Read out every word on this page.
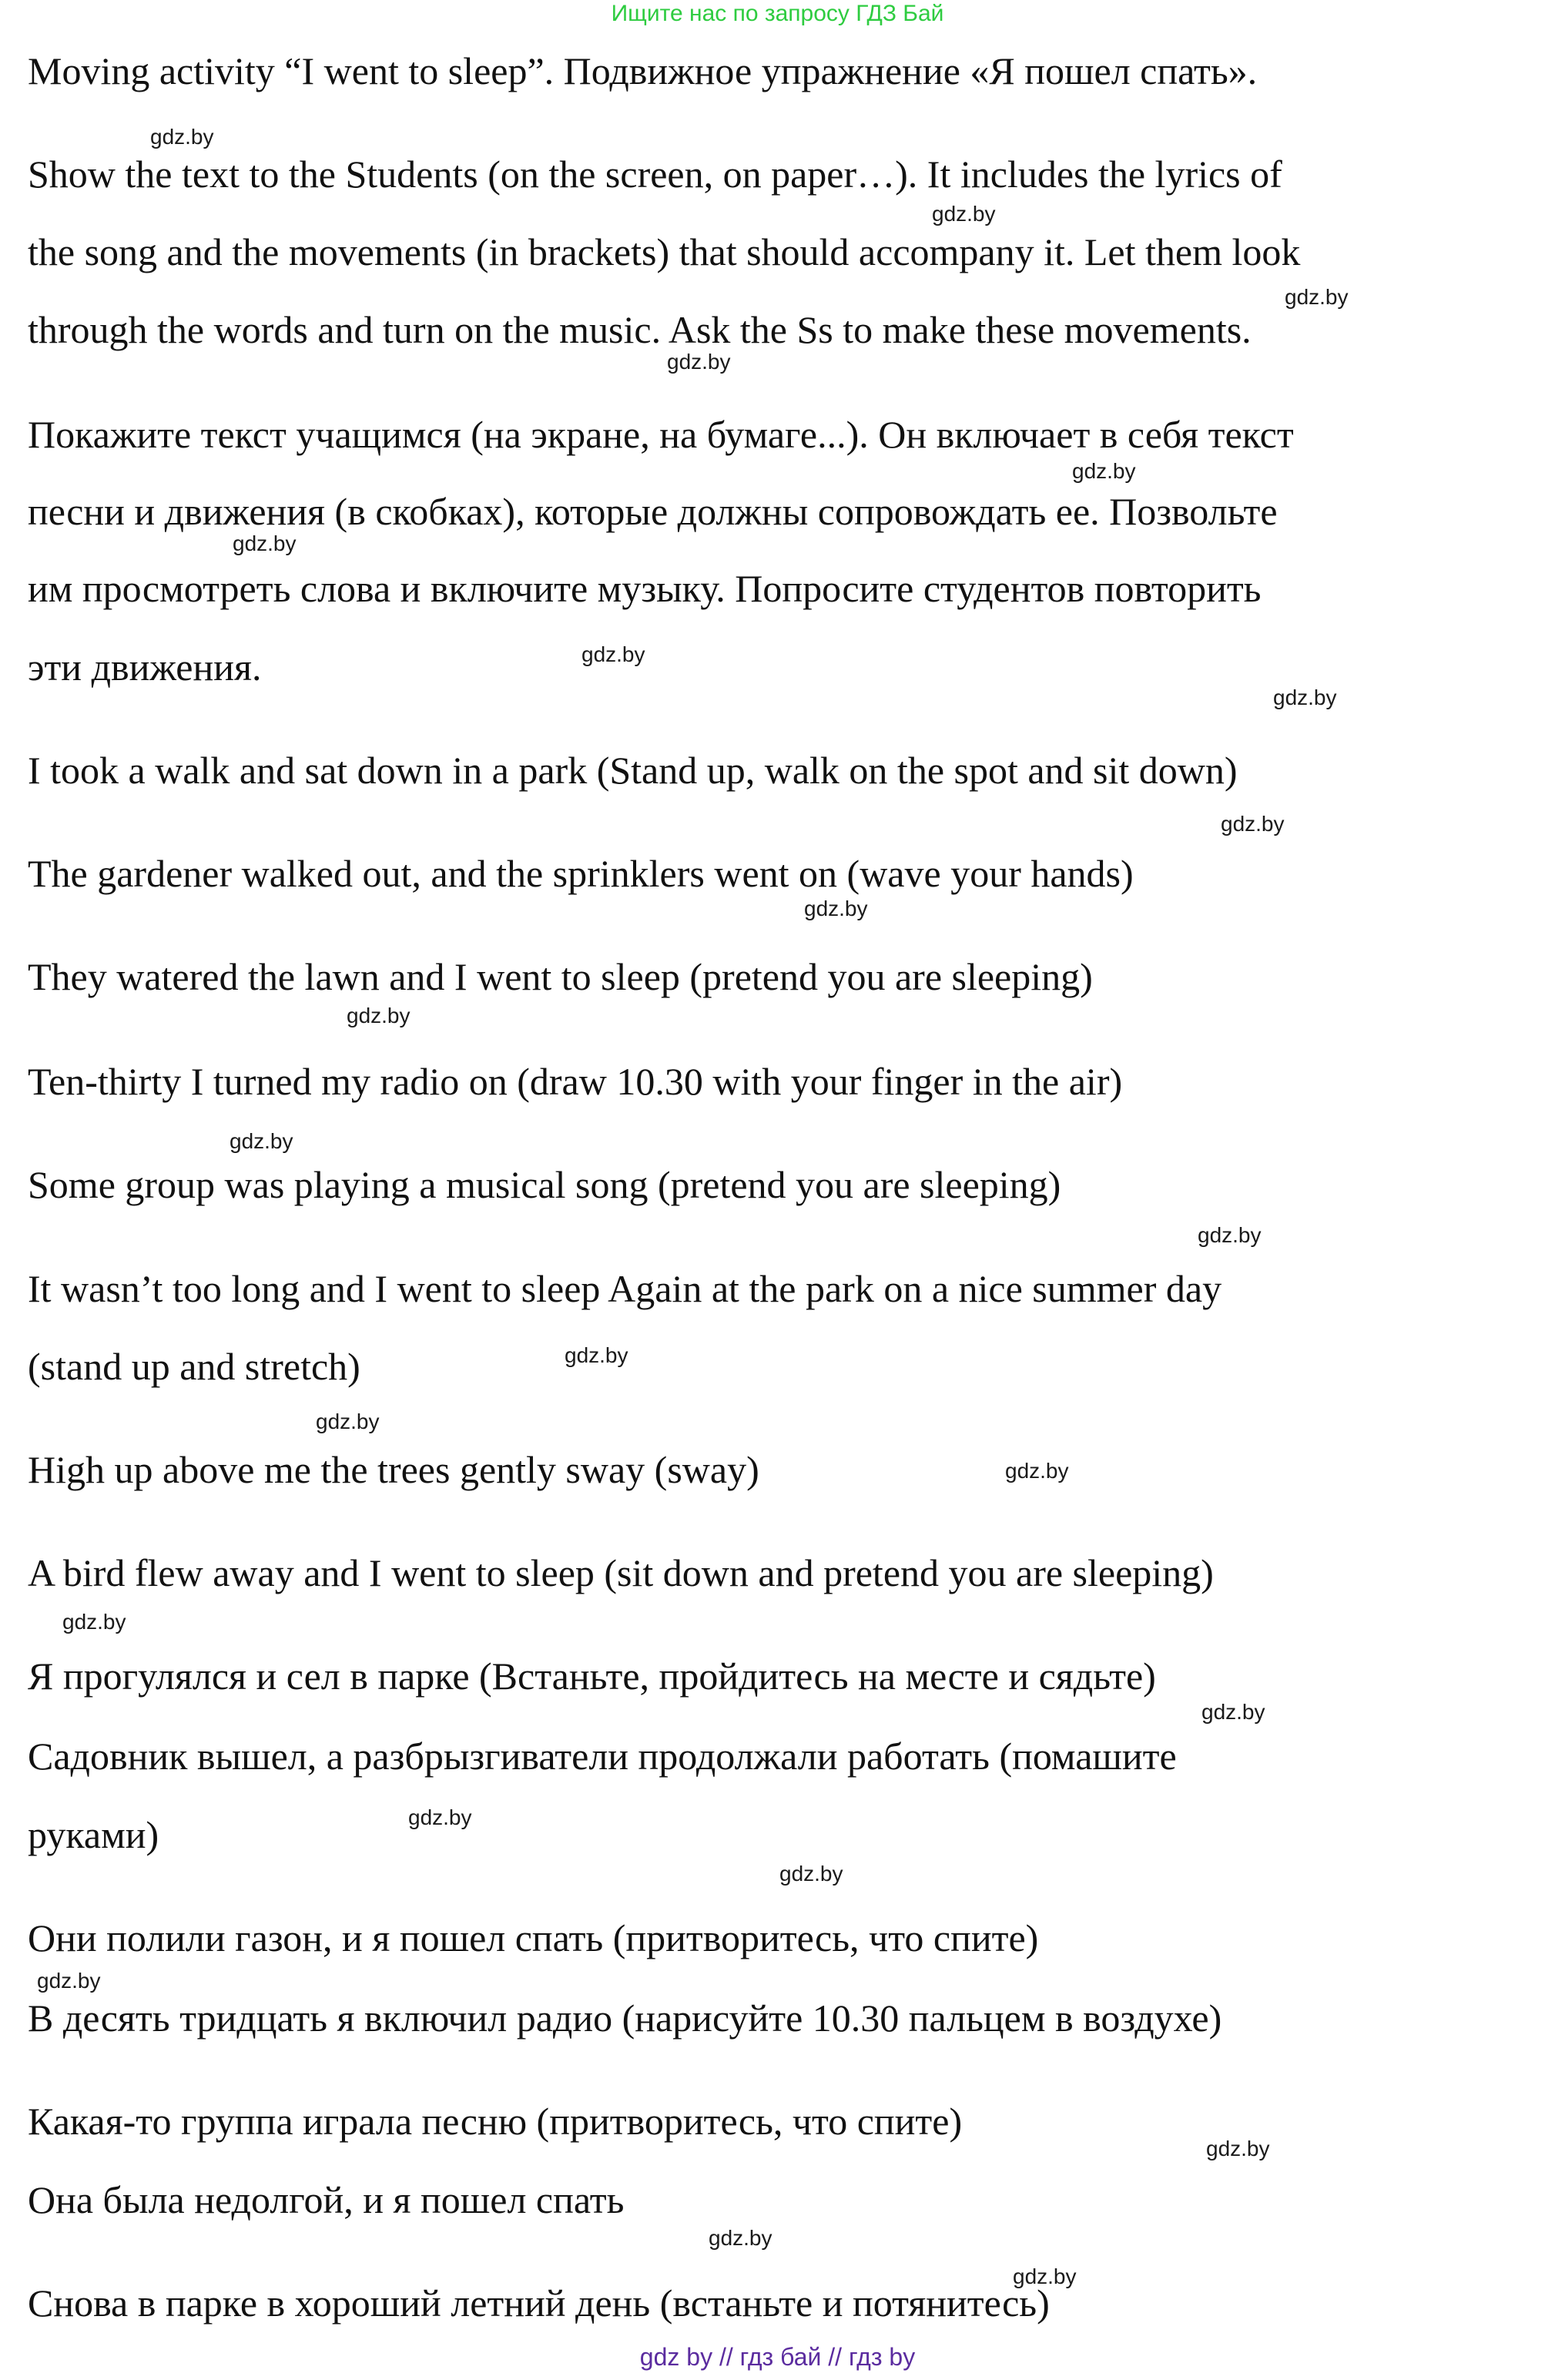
Ищите нас по запросу ГДЗ Бай
Moving activity “I went to sleep”. Подвижное упражнение «Я пошел спать».
Show the text to the Students (on the screen, on paper…). It includes the lyrics of
the song and the movements (in brackets) that should accompany it. Let them look
through the words and turn on the music. Ask the Ss to make these movements.
Покажите текст учащимся (на экране, на бумаге...). Он включает в себя текст
песни и движения (в скобках), которые должны сопровождать ее. Позвольте
им просмотреть слова и включите музыку. Попросите студентов повторить
эти движения.
I took a walk and sat down in a park (Stand up, walk on the spot and sit down)
The gardener walked out, and the sprinklers went on (wave your hands)
They watered the lawn and I went to sleep (pretend you are sleeping)
Ten-thirty I turned my radio on (draw 10.30 with your finger in the air)
Some group was playing a musical song (pretend you are sleeping)
It wasn’t too long and I went to sleep Again at the park on a nice summer day
(stand up and stretch)
High up above me the trees gently sway (sway)
A bird flew away and I went to sleep (sit down and pretend you are sleeping)
Я прогулялся и сел в парке (Встаньте, пройдитесь на месте и сядьте)
Садовник вышел, а разбрызгиватели продолжали работать (помашите
руками)
Они полили газон, и я пошел спать (притворитесь, что спите)
В десять тридцать я включил радио (нарисуйте 10.30 пальцем в воздухе)
Какая-то группа играла песню (притворитесь, что спите)
Она была недолгой, и я пошел спать
Снова в парке в хороший летний день (встаньте и потянитесь)
gdz.by
gdz.by
gdz.by
gdz.by
gdz.by
gdz.by
gdz.by
gdz.by
gdz.by
gdz.by
gdz.by
gdz.by
gdz.by
gdz.by
gdz.by
gdz.by
gdz.by
gdz.by
gdz.by
gdz.by
gdz.by
gdz.by
gdz.by
gdz.by
gdz by // гдз бай // гдз by
